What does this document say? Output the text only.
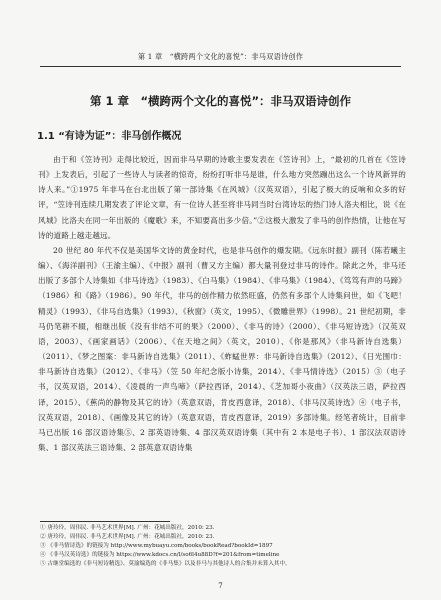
第 1 章　“横跨两个文化的喜悦”：非马双语诗创作
第 1 章　“横跨两个文化的喜悦”：非马双语诗创作
1.1 “有诗为证”：非马创作概况

由于和《笠诗刊》走得比较近，因而非马早期的诗歌主要发表在《笠诗刊》上，“最初的几首在《笠诗刊》上发表后，引起了一些诗人与读者的惊奇，纷纷打听非马是谁，什么地方突然蹦出这么一个诗风新异的诗人来。”①1975 年非马在台北出版了第一部诗集《在风城》（汉英双语），引起了极大的反响和众多的好评，“笠诗刊连续几期发表了评论文章，有一位诗人甚至将非马同当时台湾诗坛的热门诗人洛夫相比，说《在风城》比洛夫在同一年出版的《魔歌》来，不知要高出多少倍。”②这极大激发了非马的创作热情，让他在写诗的道路上越走越远。

20 世纪 80 年代不仅是美国华文诗的黄金时代，也是非马创作的爆发期。《远东时报》副刊（陈若曦主编）、《海洋副刊》（王渝主编）、《中报》副刊（曹又方主编）都大量刊登过非马的诗作。除此之外，非马还出版了多部个人诗集如《非马诗选》（1983）、《白马集》（1984）、《非马集》（1984）、《笃笃有声的马蹄》（1986）和《路》（1986）。90 年代，非马的创作精力依然旺盛，仍然有多部个人诗集问世，如《飞吧！精灵》（1993）、《非马自选集》（1993）、《秋窗》（英文，1995）、《微雕世界》（1998）。21 世纪初期，非马仍笔耕不辍，相继出版《没有非结不可的果》（2000）、《非马的诗》（2000）、《非马短诗选》（汉英双语，2003）、《画家画话》（2006）、《在天地之间》（英文，2010）、《你是那风》（非马新诗自选集）（2011）、《梦之图案：非马新诗自选集》（2011）、《蚱蜢世界：非马新诗自选集》（2012）、《日光围巾：非马新诗自选集》（2012）、《非马》（笠 50 年纪念版小诗集，2014）、《非马情诗选》（2015）③（电子书，汉英双语，2014）、《凌晨的一声鸟啼》（萨拉西译，2014）、《芝加哥小夜曲》（汉英法三语，萨拉西译，2015）、《蕉尚的静物及其它的诗》（英意双语，肯皮西意译，2018）、《非马汉英诗选》④（电子书，汉英双语，2018）、《画像及其它的诗》（英意双语，肯皮西意译，2019）多部诗集。经笔者统计，目前非马已出版 16 部汉语诗集⑤、2 部英语诗集、4 部汉英双语诗集（其中有 2 本是电子书）、1 部汉法双语诗集、1 部汉英法三语诗集、2 部英意双语诗集

① 唐玲玲，周伟民. 非马艺术世界[M]. 广州：花城出版社，2010: 23.
② 唐玲玲，周伟民. 非马艺术世界[M]. 广州：花城出版社，2010: 23.
③ 《非马情诗选》的链接为 http://www.mybuayu.com/books/bookRead?bookId=1897
④ 《非马汉英诗选》的链接为 https://www.kdocs.cn/l/so6l4u88D?f=201&from=timeline
⑤ 古继堂编选的《非马短诗精选》、莫渝编选的《非马集》以及非马与其他诗人的合集并未算入其中。
7
